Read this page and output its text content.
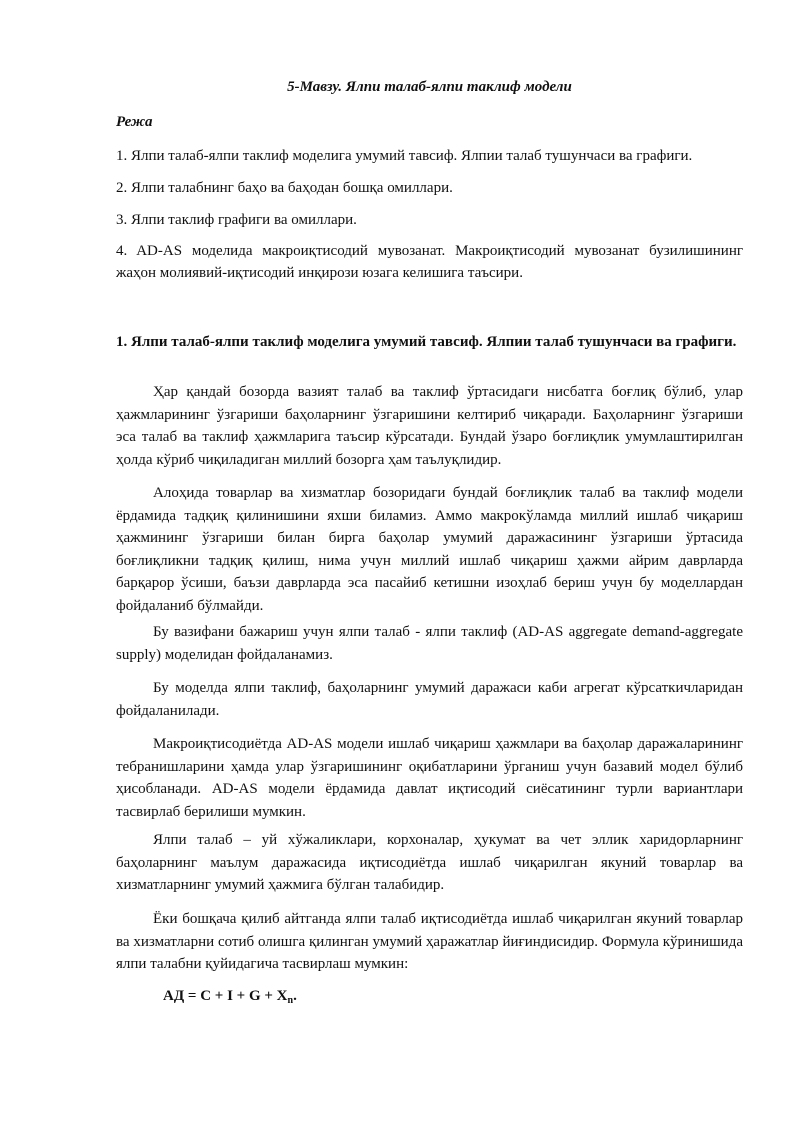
5-Мавзу. Ялпи талаб-ялпи таклиф модели

Режа

1. Ялпи талаб-ялпи таклиф моделига умумий тавсиф. Ялпии талаб тушунчаси ва графиги.

2. Ялпи талабнинг баҳо ва баҳодан бошқа омиллари.

3. Ялпи таклиф графиги ва омиллари.

4. AD-AS моделида макроиқтисодий мувозанат. Макроиқтисодий мувозанат бузилишининг жаҳон молиявий-иқтисодий инқирози юзага келишига таъсири.

1. Ялпи талаб-ялпи таклиф моделига умумий тавсиф. Ялпии талаб тушунчаси ва графиги.

Ҳар қандай бозорда вазият талаб ва таклиф ўртасидаги нисбатга боғлиқ бўлиб, улар ҳажмларининг ўзгариши баҳоларнинг ўзгаришини келтириб чиқаради. Баҳоларнинг ўзгариши эса талаб ва таклиф ҳажмларига таъсир кўрсатади. Бундай ўзаро боғлиқлик умумлаштирилган ҳолда кўриб чиқиладиган миллий бозорга ҳам таълуқлидир.

Алоҳида товарлар ва хизматлар бозоридаги бундай боғлиқлик талаб ва таклиф модели ёрдамида тадқиқ қилинишини яхши биламиз. Аммо макрокўламда миллий ишлаб чиқариш ҳажмининг ўзгариши билан бирга баҳолар умумий даражасининг ўзгариши ўртасида боғлиқликни тадқиқ қилиш, нима учун миллий ишлаб чиқариш ҳажми айрим даврларда барқарор ўсиши, баъзи даврларда эса пасайиб кетишни изоҳлаб бериш учун бу моделлардан фойдаланиб бўлмайди.

Бу вазифани бажариш учун ялпи талаб - ялпи таклиф (AD-AS aggregate demand-aggregate supply) моделидан фойдаланамиз.

Бу моделда ялпи таклиф, баҳоларнинг умумий даражаси каби агрегат кўрсаткичларидан фойдаланилади.

Макроиқтисодиётда AD-AS модели ишлаб чиқариш ҳажмлари ва баҳолар даражаларининг тебранишларини ҳамда улар ўзгаришининг оқибатларини ўрганиш учун базавий модел бўлиб ҳисобланади. AD-AS модели ёрдамида давлат иқтисодий сиёсатининг турли вариантлари тасвирлаб берилиши мумкин.

Ялпи талаб – уй хўжаликлари, корхоналар, ҳукумат ва чет эллик харидорларнинг баҳоларнинг маълум даражасида иқтисодиётда ишлаб чиқарилган якуний товарлар ва хизматларнинг умумий ҳажмига бўлган талабидир.

Ёки бошқача қилиб айтганда ялпи талаб иқтисодиётда ишлаб чиқарилган якуний товарлар ва хизматларни сотиб олишга қилинган умумий ҳаражатлар йиғиндисидир. Формула кўринишида ялпи талабни қуйидагича тасвирлаш мумкин:

АД = $С + I + G + X_n$.
